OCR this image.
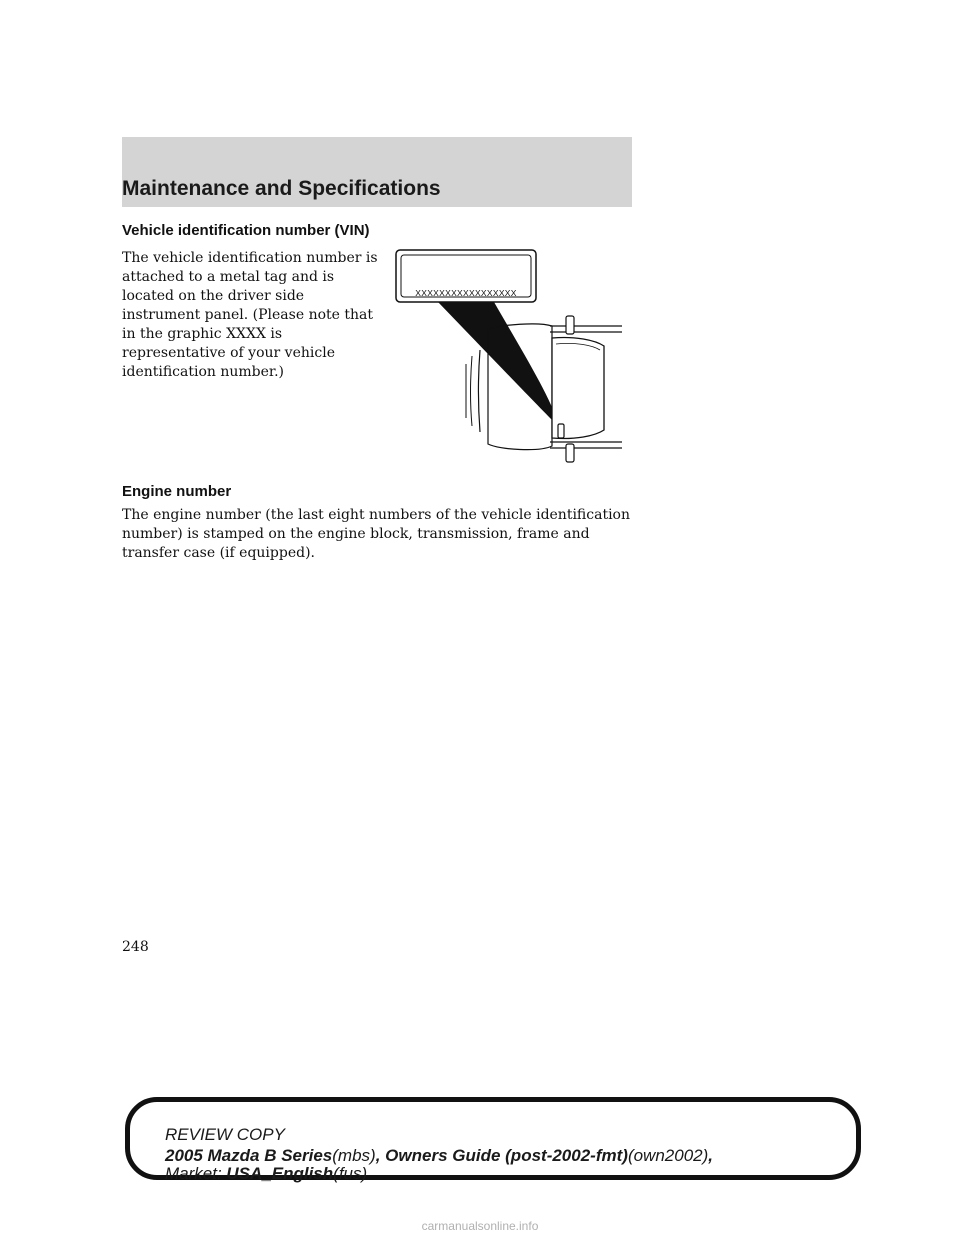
Maintenance and Specifications
Vehicle identification number (VIN)
The vehicle identification number is attached to a metal tag and is located on the driver side instrument panel. (Please note that in the graphic XXXX is representative of your vehicle identification number.)
XXXXXXXXXXXXXXXXX
Engine number
The engine number (the last eight numbers of the vehicle identification number) is stamped on the engine block, transmission, frame and transfer case (if equipped).
248
REVIEW COPY
2005 Mazda B Series(mbs), Owners Guide (post-2002-fmt)(own2002),
Market: USA_English(fus)
carmanualsonline.info
